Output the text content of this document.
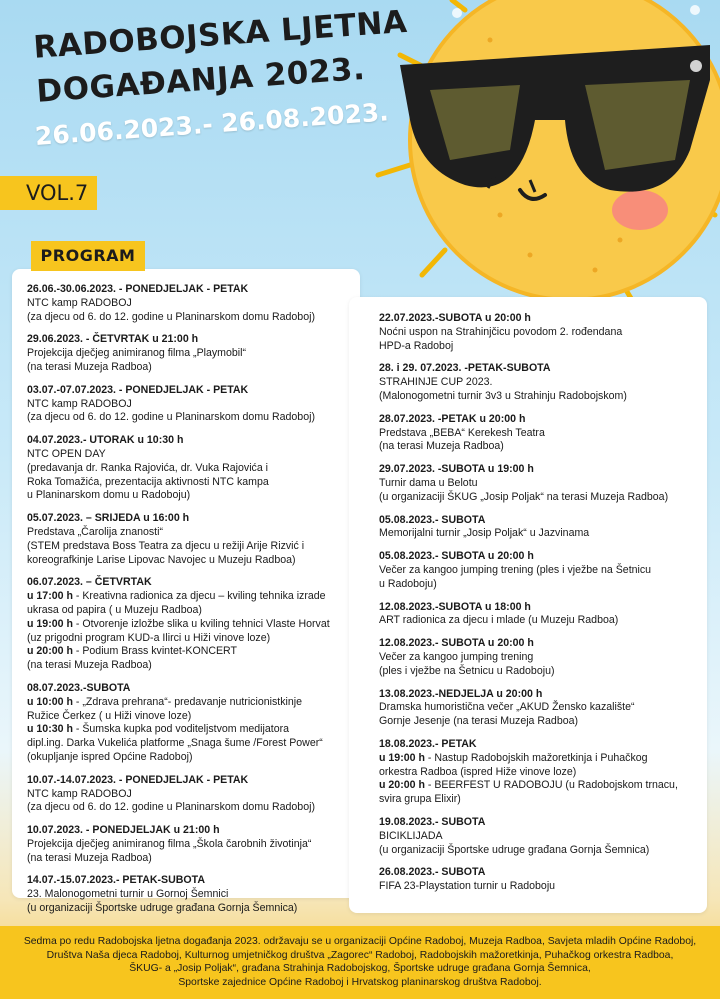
RADOBOJSKA LJETNA
DOGAĐANJA 2023.
26.06.2023.- 26.08.2023.
VOL.7
26.06.-30.06.2023. - PONEDJELJAK - PETAK
NTC kamp RADOBOJ
(za djecu od 6. do 12. godine u Planinarskom domu Radoboj)
29.06.2023. - ČETVRTAK u 21:00 h
Projekcija dječjeg animiranog filma „Playmobil“
(na terasi Muzeja Radboa)
03.07.-07.07.2023. - PONEDJELJAK - PETAK
NTC kamp RADOBOJ
(za djecu od 6. do 12. godine u Planinarskom domu Radoboj)
04.07.2023.- UTORAK u 10:30 h
NTC OPEN DAY
(predavanja dr. Ranka Rajovića, dr. Vuka Rajovića i
Roka Tomažića, prezentacija aktivnosti NTC kampa
u Planinarskom domu u Radoboju)
05.07.2023. – SRIJEDA u 16:00 h
Predstava „Čarolija znanosti“
(STEM predstava Boss Teatra za djecu u režiji Arije Rizvić i
koreografkinje Larise Lipovac Navojec u Muzeju Radboa)
06.07.2023. – ČETVRTAK
u 17:00 h - Kreativna radionica za djecu – kviling tehnika izrade
ukrasa od papira ( u Muzeju Radboa)
u 19:00 h - Otvorenje izložbe slika u kviling tehnici Vlaste Horvat
(uz prigodni program KUD-a Ilirci u Hiži vinove loze)
u 20:00 h - Podium Brass kvintet-KONCERT
(na terasi Muzeja Radboa)
08.07.2023.-SUBOTA
u 10:00 h - „Zdrava prehrana“- predavanje nutricionistkinje
Ružice Čerkez ( u Hiži vinove loze)
u 10:30 h - Šumska kupka pod voditeljstvom medijatora
dipl.ing. Darka Vukelića platforme „Snaga šume /Forest Power“
(okupljanje ispred Općine Radoboj)
10.07.-14.07.2023. - PONEDJELJAK - PETAK
NTC kamp RADOBOJ
(za djecu od 6. do 12. godine u Planinarskom domu Radoboj)
10.07.2023. - PONEDJELJAK u 21:00 h
Projekcija dječjeg animiranog filma „Škola čarobnih životinja“
(na terasi Muzeja Radboa)
14.07.-15.07.2023.- PETAK-SUBOTA
23. Malonogometni turnir u Gornoj Šemnici
(u organizaciji Športske udruge građana Gornja Šemnica)
22.07.2023.-SUBOTA u 20:00 h
Noćni uspon na Strahinjčicu povodom 2. rođendana
HPD-a Radoboj
28. i 29. 07.2023. -PETAK-SUBOTA
STRAHINJE CUP 2023.
(Malonogometni turnir 3v3 u Strahinju Radobojskom)
28.07.2023. -PETAK u 20:00 h
Predstava „BEBA“ Kerekesh Teatra
(na terasi Muzeja Radboa)
29.07.2023. -SUBOTA u 19:00 h
Turnir dama u Belotu
(u organizaciji ŠKUG „Josip Poljak“ na terasi Muzeja Radboa)
05.08.2023.- SUBOTA
Memorijalni turnir „Josip Poljak“ u Jazvinama
05.08.2023.- SUBOTA u 20:00 h
Večer za kangoo jumping trening (ples i vježbe na Šetnicu
u Radoboju)
12.08.2023.-SUBOTA u 18:00 h
ART radionica za djecu i mlade (u Muzeju Radboa)
12.08.2023.- SUBOTA u 20:00 h
Večer za kangoo jumping trening
(ples i vježbe na Šetnicu u Radoboju)
13.08.2023.-NEDJELJA u 20:00 h
Dramska humoristična večer „AKUD Žensko kazalište“
Gornje Jesenje (na terasi Muzeja Radboa)
18.08.2023.- PETAK
u 19:00 h - Nastup Radobojskih mažoretkinja i Puhačkog
orkestra Radboa (ispred Hiže vinove loze)
u 20:00 h - BEERFEST U RADOBOJU (u Radobojskom trnacu,
svira grupa Elixir)
19.08.2023.- SUBOTA
BICIKLIJADA
(u organizaciji Športske udruge građana Gornja Šemnica)
26.08.2023.- SUBOTA
FIFA 23-Playstation turnir u Radoboju
PROGRAM
Sedma po redu Radobojska ljetna događanja 2023. održavaju se u organizaciji Općine Radoboj, Muzeja Radboa, Savjeta mladih Općine Radoboj,
Društva Naša djeca Radoboj, Kulturnog umjetničkog društva „Zagorec“ Radoboj, Radobojskih mažoretkinja, Puhačkog orkestra Radboa,
ŠKUG- a „Josip Poljak“, građana Strahinja Radobojskog, Športske udruge građana Gornja Šemnica,
Sportske zajednice Općine Radoboj i Hrvatskog planinarskog društva Radoboj.
